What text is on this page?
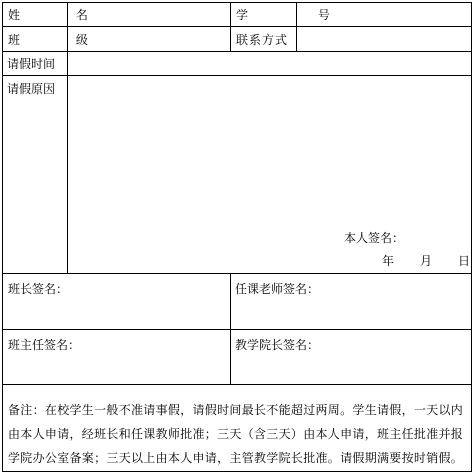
姓 名	学 号
班 级	联系方式
请假时间
请假原因
本人签名：
年 月 日
班长签名：	任课老师签名：
班主任签名：	教学院长签名：
备注：在校学生一般不准请事假，请假时间最长不能超过两周。学生请假，一天以内
由本人申请，经班长和任课教师批准；三天（含三天）由本人申请，班主任批准并报
学院办公室备案；三天以上由本人申请，主管教学院长批准。请假期满要按时销假。
